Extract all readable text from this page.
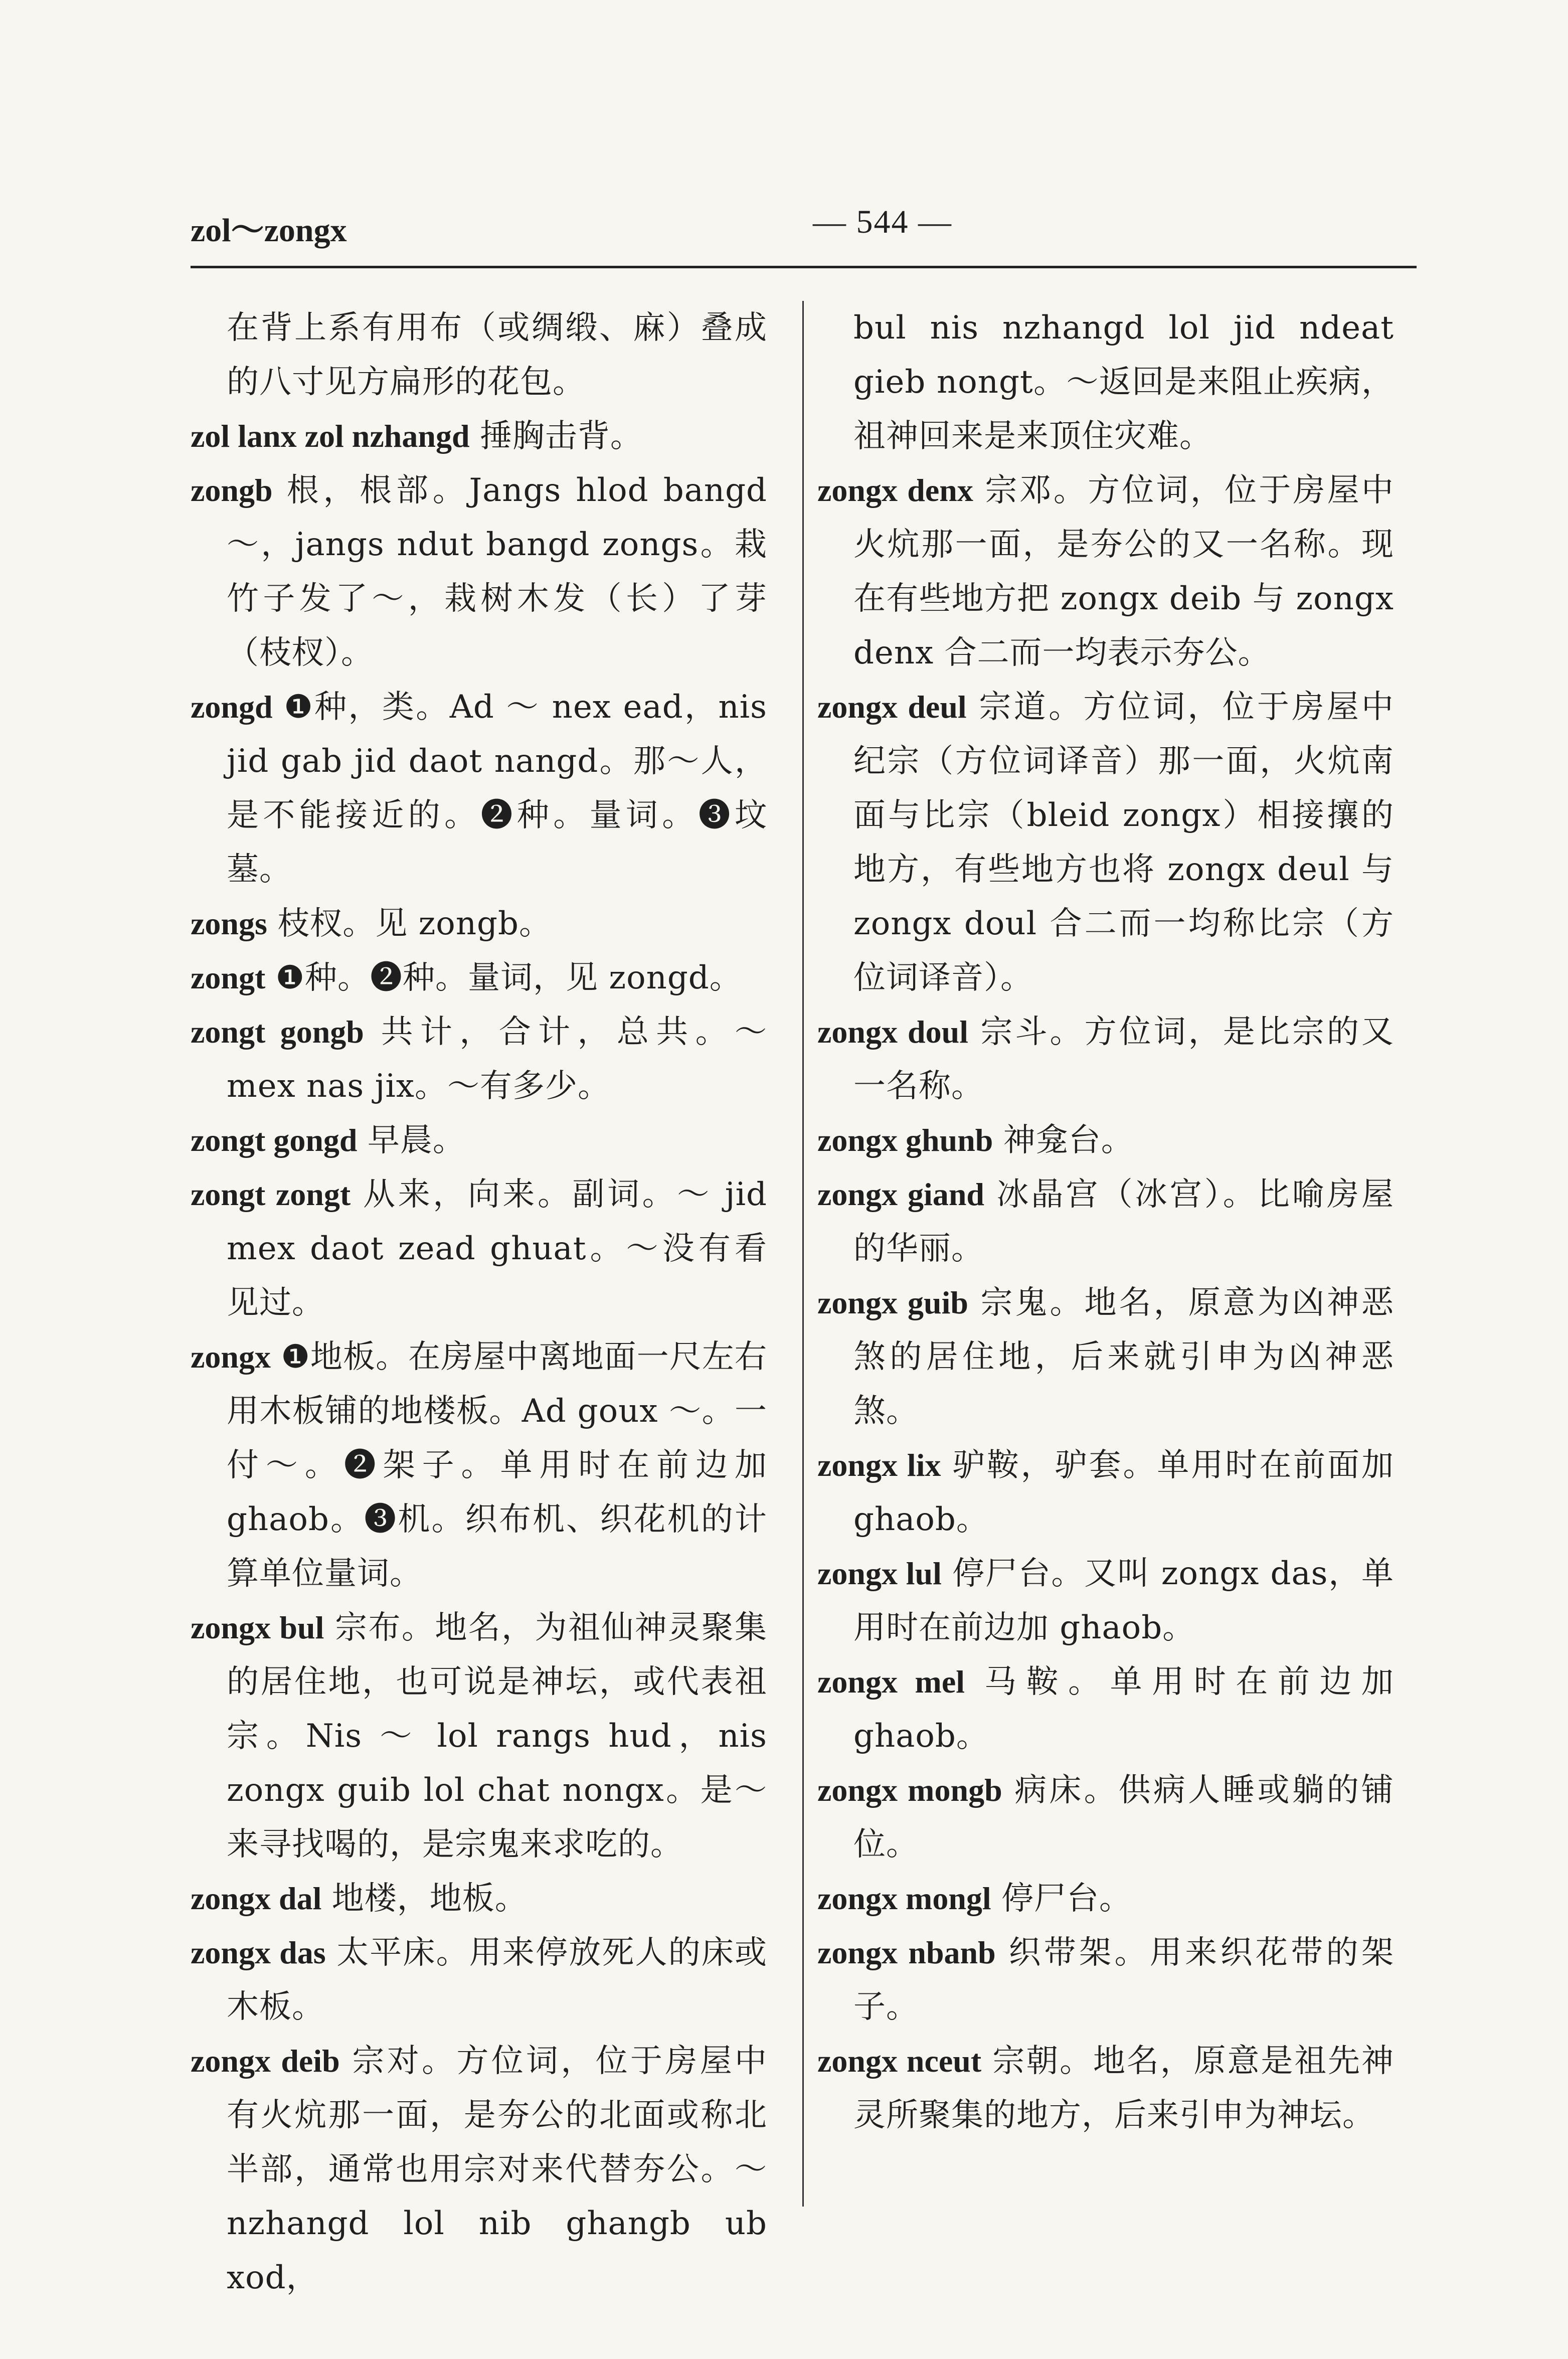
zol～zongx	— 544 —

在背上系有用布（或绸缎、麻）叠成的八寸见方扁形的花包。

zol lanx zol nzhangd 捶胸击背。

zongb 根，根部。Jangs hlod bangd ～，jangs ndut bangd zongs。栽竹子发了～，栽树木发（长）了芽（枝杈）。

zongd ❶种，类。Ad ～ nex ead，nis jid gab jid daot nangd。那～人，是不能接近的。❷种。量词。❸坟墓。

zongs 枝杈。见 zongb。

zongt ❶种。❷种。量词，见 zongd。

zongt gongb 共计，合计，总共。～ mex nas jix。～有多少。

zongt gongd 早晨。

zongt zongt 从来，向来。副词。～ jid mex daot zead ghuat。～没有看见过。

zongx ❶地板。在房屋中离地面一尺左右用木板铺的地楼板。Ad goux ～。一付～。❷架子。单用时在前边加 ghaob。❸机。织布机、织花机的计算单位量词。

zongx bul 宗布。地名，为祖仙神灵聚集的居住地，也可说是神坛，或代表祖宗。Nis ～ lol rangs hud，nis zongx guib lol chat nongx。是～来寻找喝的，是宗鬼来求吃的。

zongx dal 地楼，地板。

zongx das 太平床。用来停放死人的床或木板。

zongx deib 宗对。方位词，位于房屋中有火炕那一面，是夯公的北面或称北半部，通常也用宗对来代替夯公。～ nzhangd lol nib ghangb ub xod，

bul nis nzhangd lol jid ndeat gieb nongt。～返回是来阻止疾病，祖神回来是来顶住灾难。

zongx denx 宗邓。方位词，位于房屋中火炕那一面，是夯公的又一名称。现在有些地方把 zongx deib 与 zongx denx 合二而一均表示夯公。

zongx deul 宗道。方位词，位于房屋中纪宗（方位词译音）那一面，火炕南面与比宗（bleid zongx）相接攘的地方，有些地方也将 zongx deul 与 zongx doul 合二而一均称比宗（方位词译音）。

zongx doul 宗斗。方位词，是比宗的又一名称。

zongx ghunb 神龛台。

zongx giand 冰晶宫（冰宫）。比喻房屋的华丽。

zongx guib 宗鬼。地名，原意为凶神恶煞的居住地，后来就引申为凶神恶煞。

zongx lix 驴鞍，驴套。单用时在前面加 ghaob。

zongx lul 停尸台。又叫 zongx das，单用时在前边加 ghaob。

zongx mel 马鞍。单用时在前边加 ghaob。

zongx mongb 病床。供病人睡或躺的铺位。

zongx mongl 停尸台。

zongx nbanb 织带架。用来织花带的架子。

zongx nceut 宗朝。地名，原意是祖先神灵所聚集的地方，后来引申为神坛。
